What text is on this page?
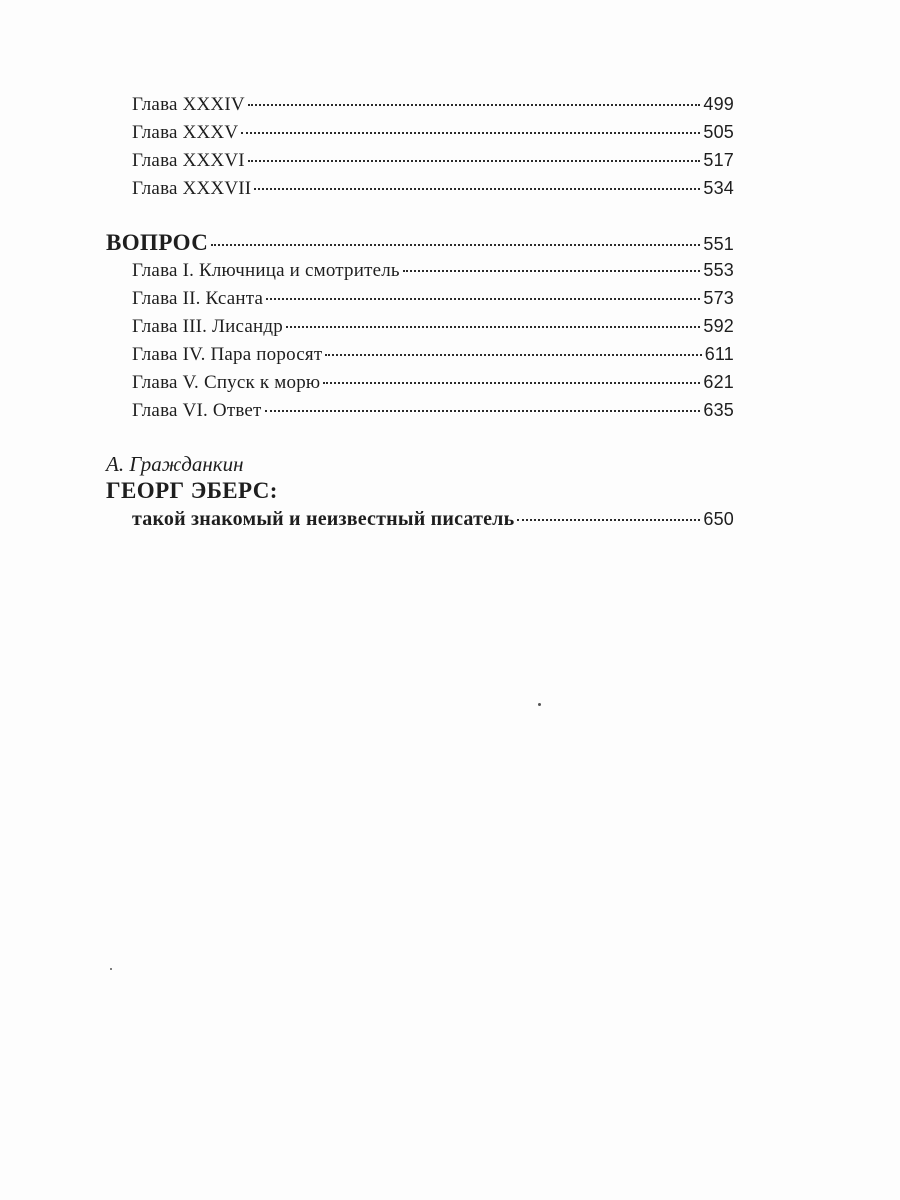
Глава XXXIV	499
Глава XXXV	505
Глава XXXVI	517
Глава XXXVII	534
ВОПРОС	551
Глава I. Ключница и смотритель	553
Глава II. Ксанта	573
Глава III. Лисандр	592
Глава IV. Пара поросят	611
Глава V. Спуск к морю	621
Глава VI. Ответ	635
А. Гражданкин
ГЕОРГ ЭБЕРС:
такой знакомый и неизвестный писатель	650
